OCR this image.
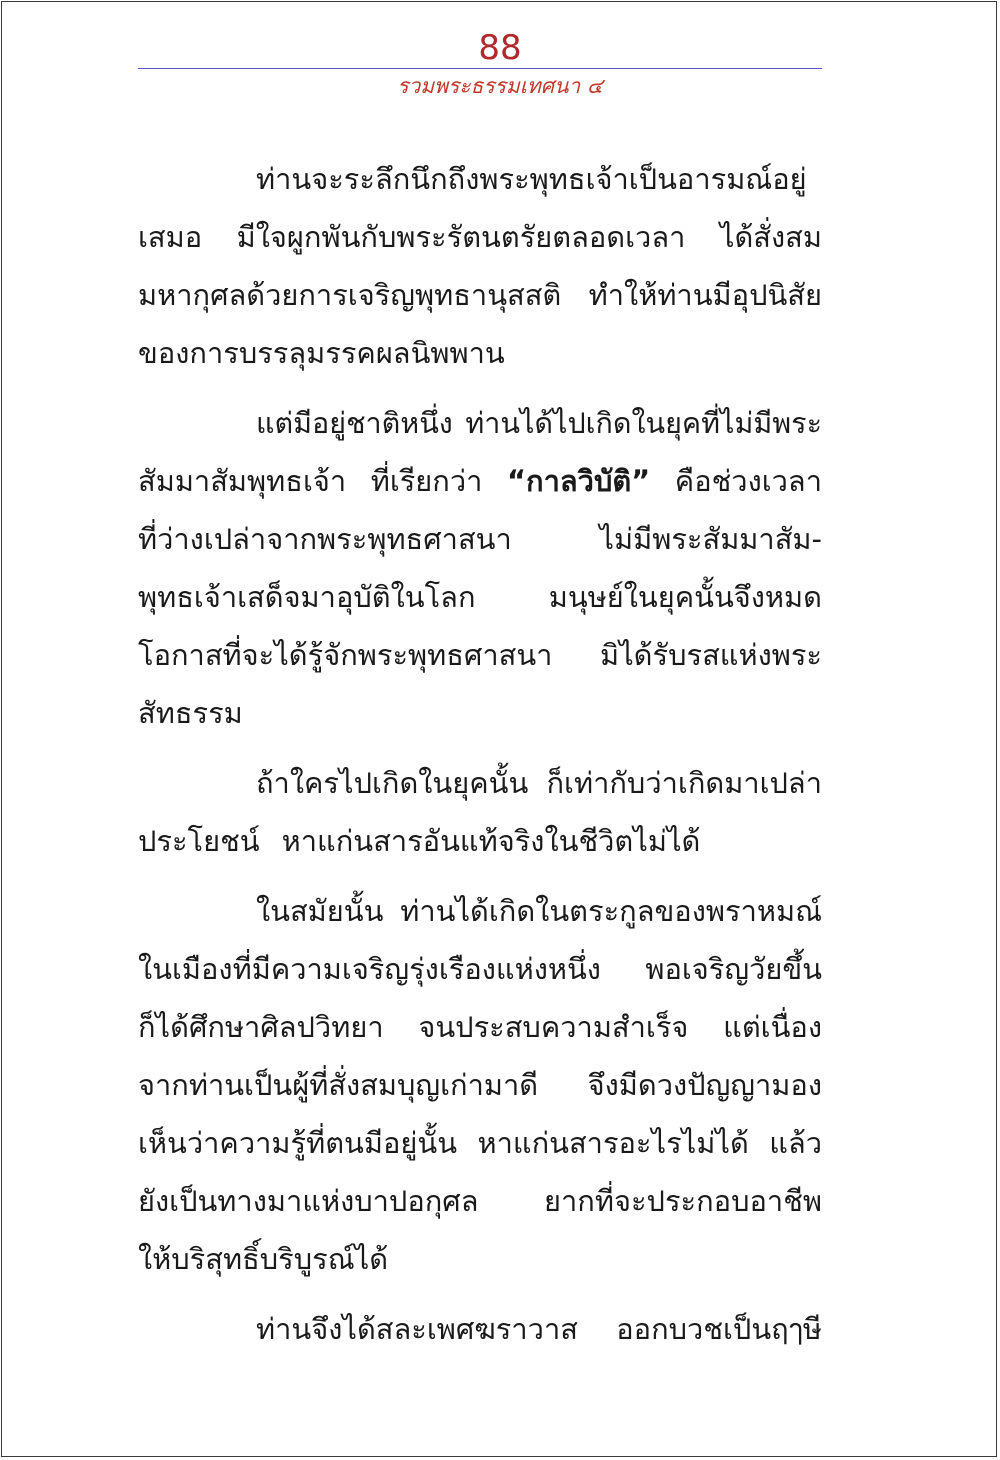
88
รวมพระธรรมเทศนา ๔
ท่านจะระลึกนึกถึงพระพุทธเจ้าเป็นอารมณ์อยู่
เสมอ มีใจผูกพันกับพระรัตนตรัยตลอดเวลา ได้สั่งสม
มหากุศลด้วยการเจริญพุทธานุสสติ ทำให้ท่านมีอุปนิสัย
ของการบรรลุมรรคผลนิพพาน
แต่มีอยู่ชาติหนึ่ง ท่านได้ไปเกิดในยุคที่ไม่มีพระ
สัมมาสัมพุทธเจ้า ที่เรียกว่า “กาลวิบัติ” คือช่วงเวลา
ที่ว่างเปล่าจากพระพุทธศาสนา	ไม่มีพระสัมมาสัม-
พุทธเจ้าเสด็จมาอุบัติในโลก	มนุษย์ในยุคนั้นจึงหมด
โอกาสที่จะได้รู้จักพระพุทธศาสนา มิได้รับรสแห่งพระ
สัทธรรม
ถ้าใครไปเกิดในยุคนั้น ก็เท่ากับว่าเกิดมาเปล่า
ประโยชน์ หาแก่นสารอันแท้จริงในชีวิตไม่ได้
ในสมัยนั้น ท่านได้เกิดในตระกูลของพราหมณ์
ในเมืองที่มีความเจริญรุ่งเรืองแห่งหนึ่ง พอเจริญวัยขึ้น
ก็ได้ศึกษาศิลปวิทยา จนประสบความสำเร็จ แต่เนื่อง
จากท่านเป็นผู้ที่สั่งสมบุญเก่ามาดี จึงมีดวงปัญญามอง
เห็นว่าความรู้ที่ตนมีอยู่นั้น หาแก่นสารอะไรไม่ได้ แล้ว
ยังเป็นทางมาแห่งบาปอกุศล ยากที่จะประกอบอาชีพ
ให้บริสุทธิ์บริบูรณ์ได้
ท่านจึงได้สละเพศฆราวาส ออกบวชเป็นฤๅษี
